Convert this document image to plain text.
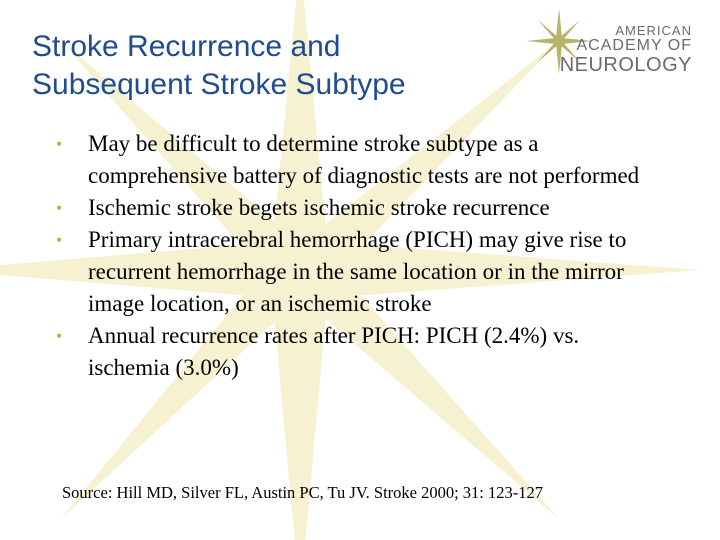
Stroke Recurrence and
Subsequent Stroke Subtype
AMERICAN
ACADEMY OF
NEUROLOGY
• May be difficult to determine stroke subtype as a comprehensive battery of diagnostic tests are not performed
• Ischemic stroke begets ischemic stroke recurrence
• Primary intracerebral hemorrhage (PICH) may give rise to recurrent hemorrhage in the same location or in the mirror image location, or an ischemic stroke
• Annual recurrence rates after PICH: PICH (2.4%) vs. ischemia (3.0%)

Source: Hill MD, Silver FL, Austin PC, Tu JV. Stroke 2000; 31: 123-127
